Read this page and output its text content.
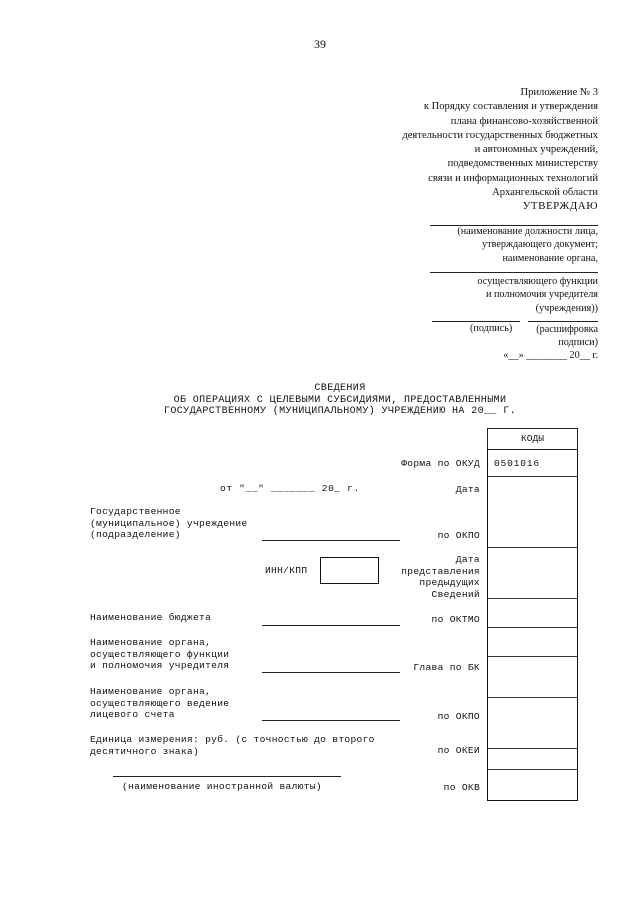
39
Приложение № 3
к Порядку составления и утверждения
плана финансово-хозяйственной
деятельности государственных бюджетных
и автономных учреждений,
подведомственных министерству
связи и информационных технологий
Архангельской области
УТВЕРЖДАЮ
(наименование должности лица,
утверждающего документ;
наименование органа,
осуществляющего функции
и полномочия учредителя
(учреждения))
(подпись)	(расшифровка
подписи)
«__» ________ 20__ г.
СВЕДЕНИЯ
ОБ ОПЕРАЦИЯХ С ЦЕЛЕВЫМИ СУБСИДИЯМИ, ПРЕДОСТАВЛЕННЫМИ
ГОСУДАРСТВЕННОМУ (МУНИЦИПАЛЬНОМУ) УЧРЕЖДЕНИЮ НА 20__ Г.
КОДЫ
0501016
Форма по ОКУД
Дата
по ОКПО
Дата
представления
предыдущих
Сведений
по ОКТМО
Глава по БК
по ОКПО
по ОКЕИ
по ОКВ
от "__" _______ 20_ г.
Государственное
(муниципальное) учреждение
(подразделение)
ИНН/КПП
Наименование бюджета
Наименование органа,
осуществляющего функции
и полномочия учредителя
Наименование органа,
осуществляющего ведение
лицевого счета
Единица измерения: руб. (с точностью до второго
десятичного знака)
(наименование иностранной валюты)
